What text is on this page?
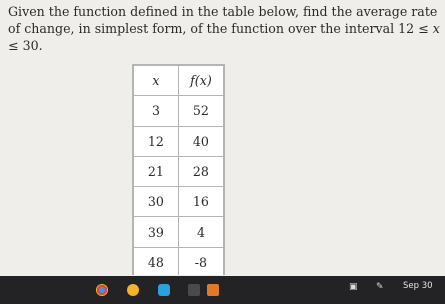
Given the function defined in the table below, find the average rate of change, in simplest form, of the function over the interval 12 ≤ x ≤ 30.
x	f(x)
3	52
12	40
21	28
30	16
39	4
48	-8
▣ ✎ Sep 30
